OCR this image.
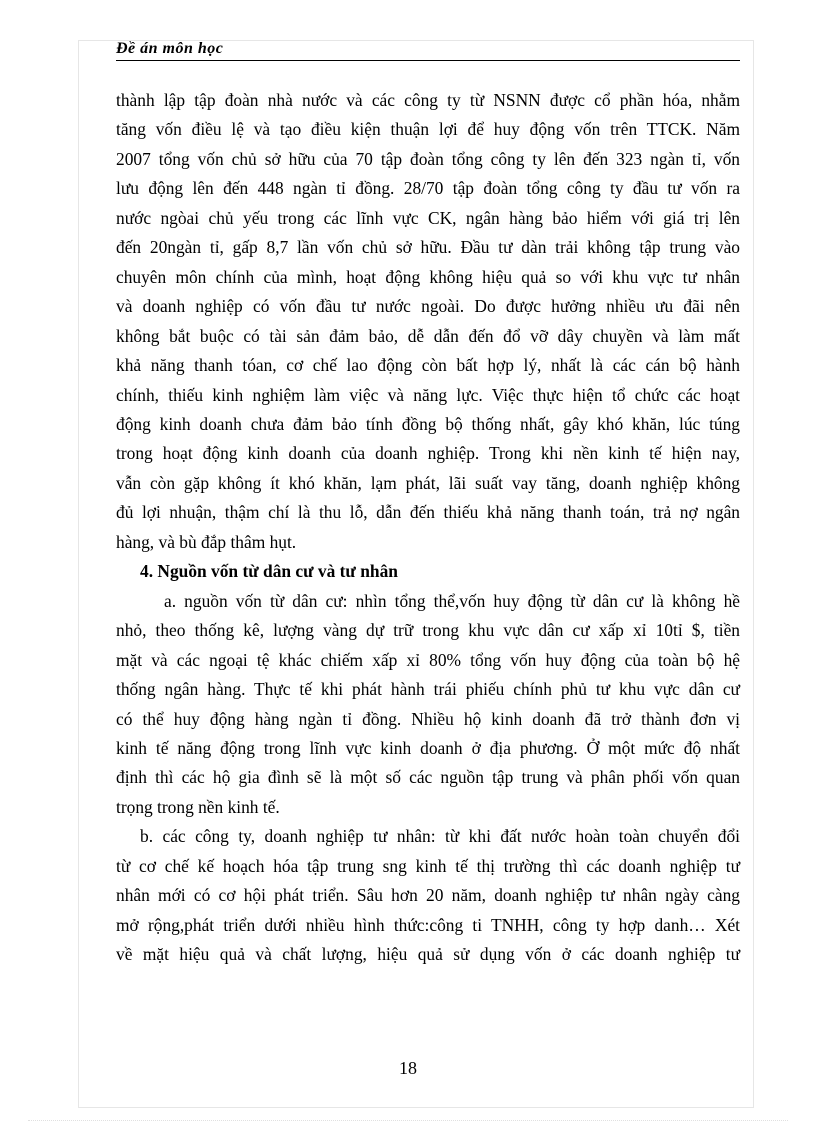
Đề án môn học

thành lập tập đoàn nhà nước và các công ty từ NSNN được cổ phần hóa, nhằm
tăng vốn điều lệ và tạo điều kiện thuận lợi để huy động vốn trên TTCK. Năm
2007 tổng vốn chủ sở hữu của 70 tập đoàn tổng công ty lên đến 323 ngàn tỉ, vốn
lưu động lên đến 448 ngàn tỉ đồng. 28/70 tập đoàn tổng công ty đầu tư vốn ra
nước ngòai chủ yếu trong các lĩnh vực CK, ngân hàng bảo hiểm với giá trị lên
đến 20ngàn tỉ, gấp 8,7 lần vốn chủ sở hữu. Đầu tư dàn trải không tập trung vào
chuyên môn chính của mình, hoạt động không hiệu quả so với khu vực tư nhân
và doanh nghiệp có vốn đầu tư nước ngoài. Do được hưởng nhiều ưu đãi nên
không bắt buộc có tài sản đảm bảo, dễ dẫn đến đổ vỡ dây chuyền và làm mất
khả năng thanh tóan, cơ chế lao động còn bất hợp lý, nhất là các cán bộ hành
chính, thiếu kinh nghiệm làm việc và năng lực. Việc thực hiện tổ chức các hoạt
động kinh doanh chưa đảm bảo tính đồng bộ thống nhất, gây khó khăn, lúc túng
trong hoạt động kinh doanh của doanh nghiệp. Trong khi nền kinh tế hiện nay,
vẫn còn gặp không ít khó khăn, lạm phát, lãi suất vay tăng, doanh nghiệp không
đủ lợi nhuận, thậm chí là thu lỗ, dẫn đến thiếu khả năng thanh toán, trả nợ ngân
hàng, và bù đắp thâm hụt.

4. Nguồn vốn từ dân cư và tư nhân

a. nguồn vốn từ dân cư: nhìn tổng thể,vốn huy động từ dân cư là không hề
nhỏ, theo thống kê, lượng vàng dự trữ trong khu vực dân cư xấp xỉ 10tỉ $, tiền
mặt và các ngoại tệ khác chiếm xấp xỉ 80% tổng vốn huy động của toàn bộ hệ
thống ngân hàng. Thực tế khi phát hành trái phiếu chính phủ tư khu vực dân cư
có thể huy động hàng ngàn tỉ đồng. Nhiều hộ kinh doanh đã trở thành đơn vị
kinh tế năng động trong lĩnh vực kinh doanh ở địa phương. Ở một mức độ nhất
định thì các hộ gia đình sẽ là một số các nguồn tập trung và phân phối vốn quan
trọng trong nền kinh tế.

b. các công ty, doanh nghiệp tư nhân: từ khi đất nước hoàn toàn chuyển đổi
từ cơ chế kế hoạch hóa tập trung sng kinh tế thị trường thì các doanh nghiệp tư
nhân mới có cơ hội phát triển. Sâu hơn 20 năm, doanh nghiệp tư nhân ngày càng
mở rộng,phát triển dưới nhiều hình thức:công ti TNHH, công ty hợp danh… Xét
về mặt hiệu quả và chất lượng, hiệu quả sử dụng vốn ở các doanh nghiệp tư

18
